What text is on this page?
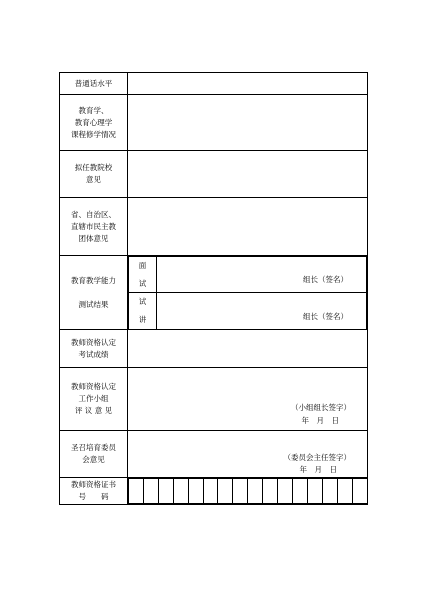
普通话水平	

教育学、
教育心理学
课程修学情况

拟任教院校
意见

省、自治区、
直辖市民主教
团体意见

教育教学能力
测试结果

面
试	组长（签名）

试
讲	组长（签名）

教师资格认定
考试成绩

教师资格认定
工作小组
评 议 意 见	（小组组长签字）
年　月　日

圣召培育委员
会意见	（委员会主任签字）
年　月　日

教师资格证书
号　　码
